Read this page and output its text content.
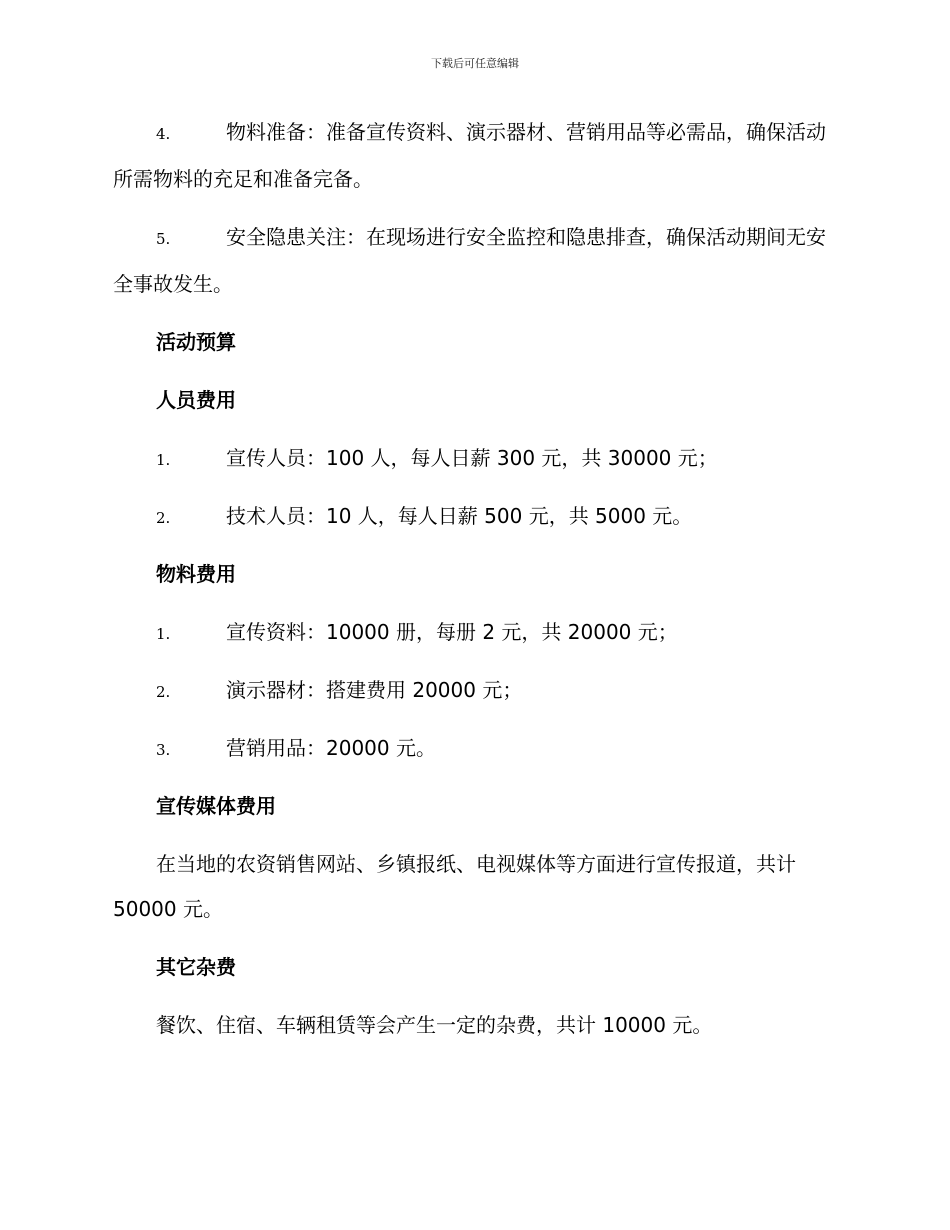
下载后可任意编辑
4.	物料准备：准备宣传资料、演示器材、营销用品等必需品，确保活动所需物料的充足和准备完备。
5.	安全隐患关注：在现场进行安全监控和隐患排查，确保活动期间无安全事故发生。
活动预算
人员费用
1.	宣传人员：100 人，每人日薪 300 元，共 30000 元；
2.	技术人员：10 人，每人日薪 500 元，共 5000 元。
物料费用
1.	宣传资料：10000 册，每册 2 元，共 20000 元；
2.	演示器材：搭建费用 20000 元；
3.	营销用品：20000 元。
宣传媒体费用
在当地的农资销售网站、乡镇报纸、电视媒体等方面进行宣传报道，共计 50000 元。
其它杂费
餐饮、住宿、车辆租赁等会产生一定的杂费，共计 10000 元。
